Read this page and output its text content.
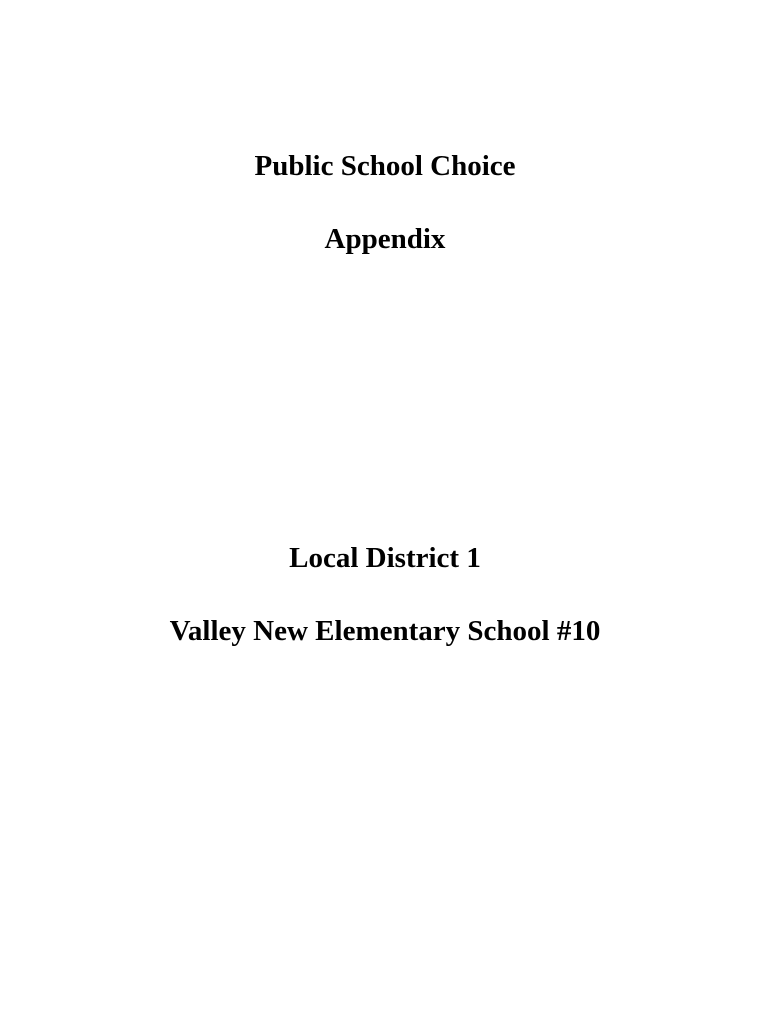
Public School Choice
Appendix
Local District 1
Valley New Elementary School #10
